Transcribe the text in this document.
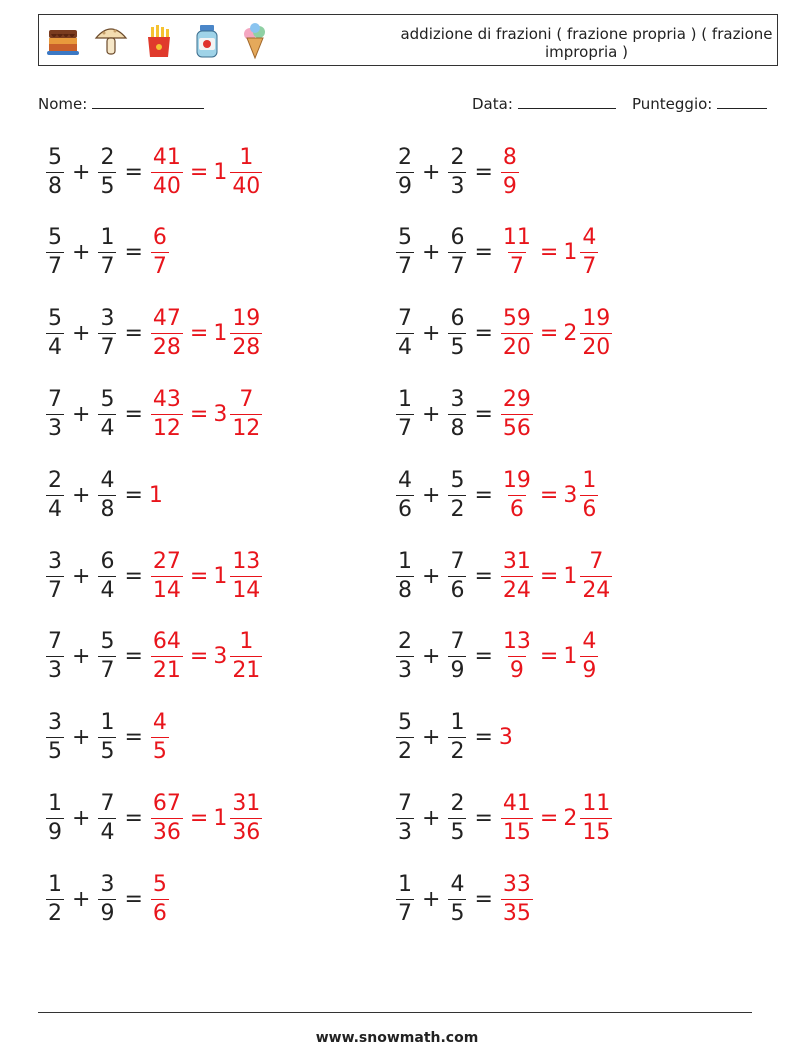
addizione di frazioni ( frazione propria ) ( frazione impropria )
Nome:	Data:	Punteggio:
$\frac{5}{8} + \frac{2}{5} = \frac{41}{40} = 1 \frac{1}{40}$	$\frac{2}{9} + \frac{2}{3} = \frac{8}{9}$
$\frac{5}{7} + \frac{1}{7} = \frac{6}{7}$	$\frac{5}{7} + \frac{6}{7} = \frac{11}{7} = 1 \frac{4}{7}$
$\frac{5}{4} + \frac{3}{7} = \frac{47}{28} = 1 \frac{19}{28}$	$\frac{7}{4} + \frac{6}{5} = \frac{59}{20} = 2 \frac{19}{20}$
$\frac{7}{3} + \frac{5}{4} = \frac{43}{12} = 3 \frac{7}{12}$	$\frac{1}{7} + \frac{3}{8} = \frac{29}{56}$
$\frac{2}{4} + \frac{4}{8} = 1$	$\frac{4}{6} + \frac{5}{2} = \frac{19}{6} = 3 \frac{1}{6}$
$\frac{3}{7} + \frac{6}{4} = \frac{27}{14} = 1 \frac{13}{14}$	$\frac{1}{8} + \frac{7}{6} = \frac{31}{24} = 1 \frac{7}{24}$
$\frac{7}{3} + \frac{5}{7} = \frac{64}{21} = 3 \frac{1}{21}$	$\frac{2}{3} + \frac{7}{9} = \frac{13}{9} = 1 \frac{4}{9}$
$\frac{3}{5} + \frac{1}{5} = \frac{4}{5}$	$\frac{5}{2} + \frac{1}{2} = 3$
$\frac{1}{9} + \frac{7}{4} = \frac{67}{36} = 1 \frac{31}{36}$	$\frac{7}{3} + \frac{2}{5} = \frac{41}{15} = 2 \frac{11}{15}$
$\frac{1}{2} + \frac{3}{9} = \frac{5}{6}$	$\frac{1}{7} + \frac{4}{5} = \frac{33}{35}$
www.snowmath.com
